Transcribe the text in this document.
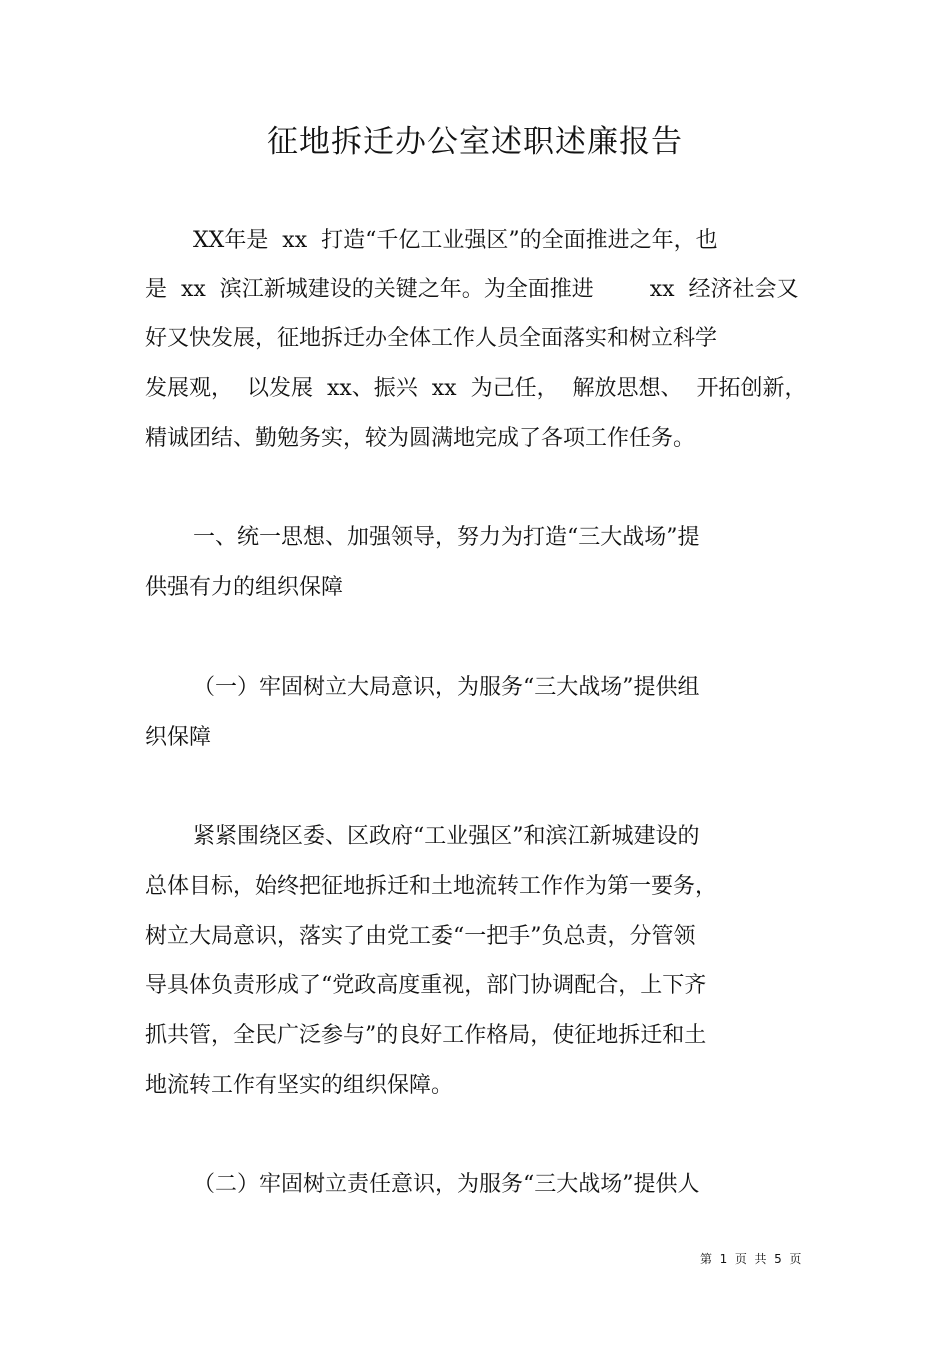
征地拆迁办公室述职述廉报告

XX年是  xx  打造“千亿工业强区”的全面推进之年，也

是  xx  滨江新城建设的关键之年。为全面推进        xx  经济社会又

好又快发展，征地拆迁办全体工作人员全面落实和树立科学

发展观，  以发展  xx、振兴  xx  为己任，  解放思想、  开拓创新，

精诚团结、勤勉务实，较为圆满地完成了各项工作任务。

一、统一思想、加强领导，努力为打造“三大战场”提

供强有力的组织保障

（一）牢固树立大局意识，为服务“三大战场”提供组

织保障

紧紧围绕区委、区政府“工业强区”和滨江新城建设的

总体目标，始终把征地拆迁和土地流转工作作为第一要务，

树立大局意识，落实了由党工委“一把手”负总责，分管领

导具体负责形成了“党政高度重视，部门协调配合，上下齐

抓共管，全民广泛参与”的良好工作格局，使征地拆迁和土

地流转工作有坚实的组织保障。

（二）牢固树立责任意识，为服务“三大战场”提供人

第  1  页  共  5  页
